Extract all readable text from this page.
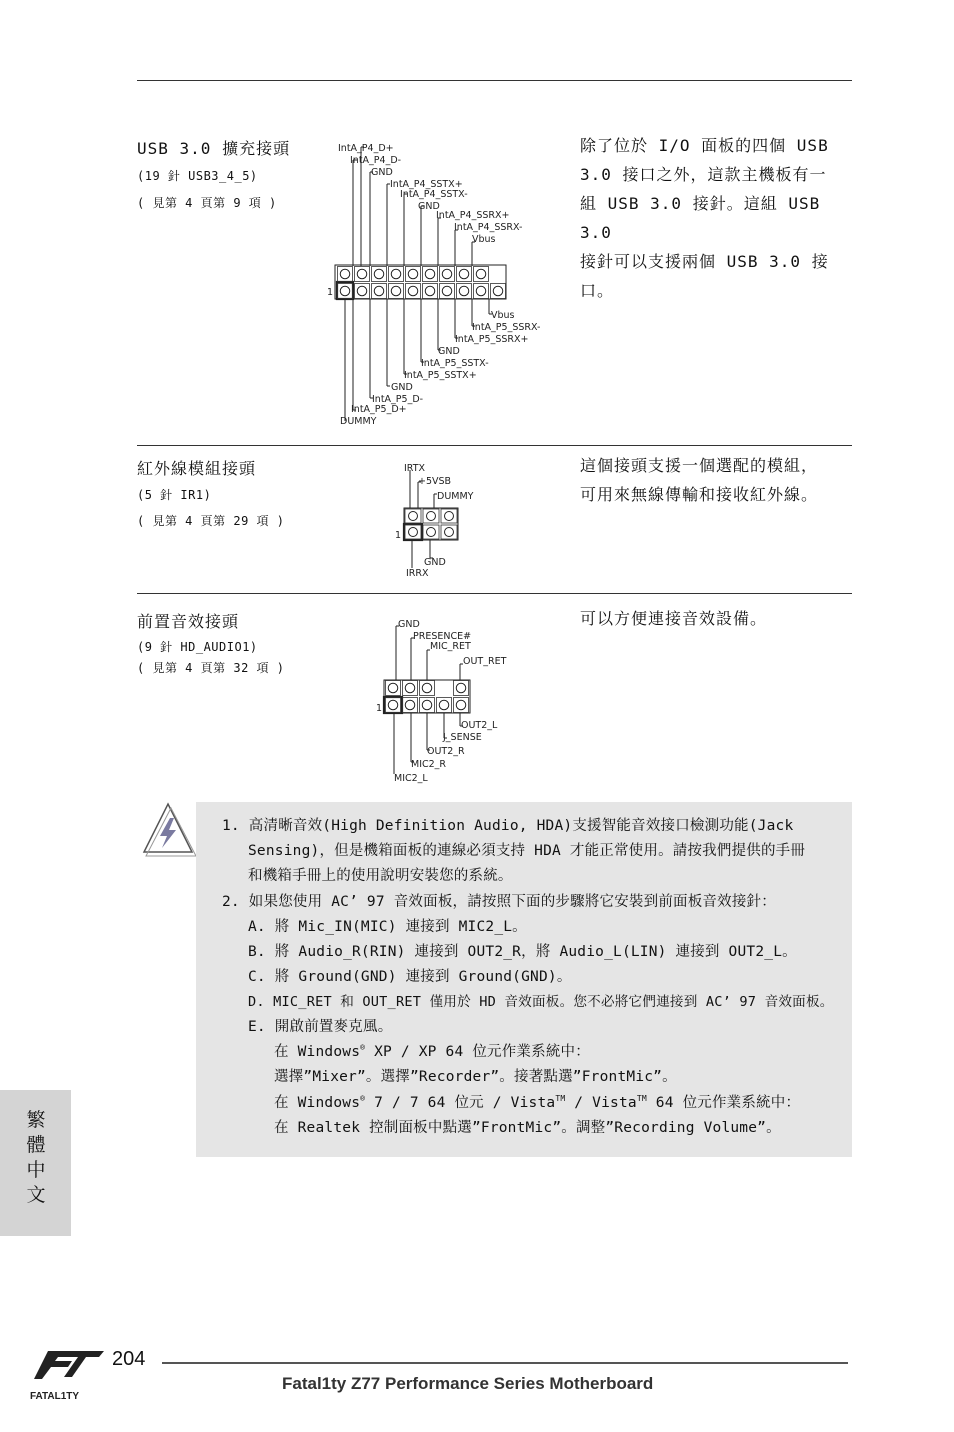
USB 3.0 擴充接頭
(19 針 USB3_4_5)
( 見第 4 頁第 9 項 )
IntA_P4_D+
IntA_P4_D-
GND
IntA_P4_SSTX+
IntA_P4_SSTX-
GND
IntA_P4_SSRX+
IntA_P4_SSRX-
Vbus
1
Vbus
IntA_P5_SSRX-
IntA_P5_SSRX+
GND
IntA_P5_SSTX-
IntA_P5_SSTX+
GND
IntA_P5_D-
IntA_P5_D+
DUMMY
除了位於 I/O 面板的四個 USB
3.0 接口之外，這款主機板有一
組 USB 3.0 接針。這組 USB 3.0
接針可以支援兩個 USB 3.0 接
口。
紅外線模組接頭
(5 針 IR1)
( 見第 4 頁第 29 項 )
IRTX
+5VSB
DUMMY
1
GND
IRRX
這個接頭支援一個選配的模組，
可用來無線傳輸和接收紅外線。
前置音效接頭
(9 針 HD_AUDIO1)
( 見第 4 頁第 32 項 )
GND
PRESENCE#
MIC_RET
OUT_RET
1
OUT2_L
J_SENSE
OUT2_R
MIC2_R
MIC2_L
可以方便連接音效設備。
1. 高清晰音效(High Definition Audio, HDA)支援智能音效接口檢測功能(Jack
Sensing)，但是機箱面板的連線必須支持 HDA 才能正常使用。請按我們提供的手冊
和機箱手冊上的使用說明安裝您的系統。
2. 如果您使用 AC’ 97 音效面板，請按照下面的步驟將它安裝到前面板音效接針：
A. 將 Mic_IN(MIC) 連接到 MIC2_L。
B. 將 Audio_R(RIN) 連接到 OUT2_R，將 Audio_L(LIN) 連接到 OUT2_L。
C. 將 Ground(GND) 連接到 Ground(GND)。
D. MIC_RET 和 OUT_RET 僅用於 HD 音效面板。您不必將它們連接到 AC’ 97 音效面板。
E. 開啟前置麥克風。
在 Windows® XP / XP 64 位元作業系統中：
選擇”Mixer”。選擇”Recorder”。接著點選”FrontMic”。
在 Windows® 7 / 7 64 位元 / Vista™ / Vista™ 64 位元作業系統中：
在 Realtek 控制面板中點選”FrontMic”。調整”Recording Volume”。
繁
體
中
文
FATAL1TY
204
Fatal1ty Z77 Performance Series Motherboard
